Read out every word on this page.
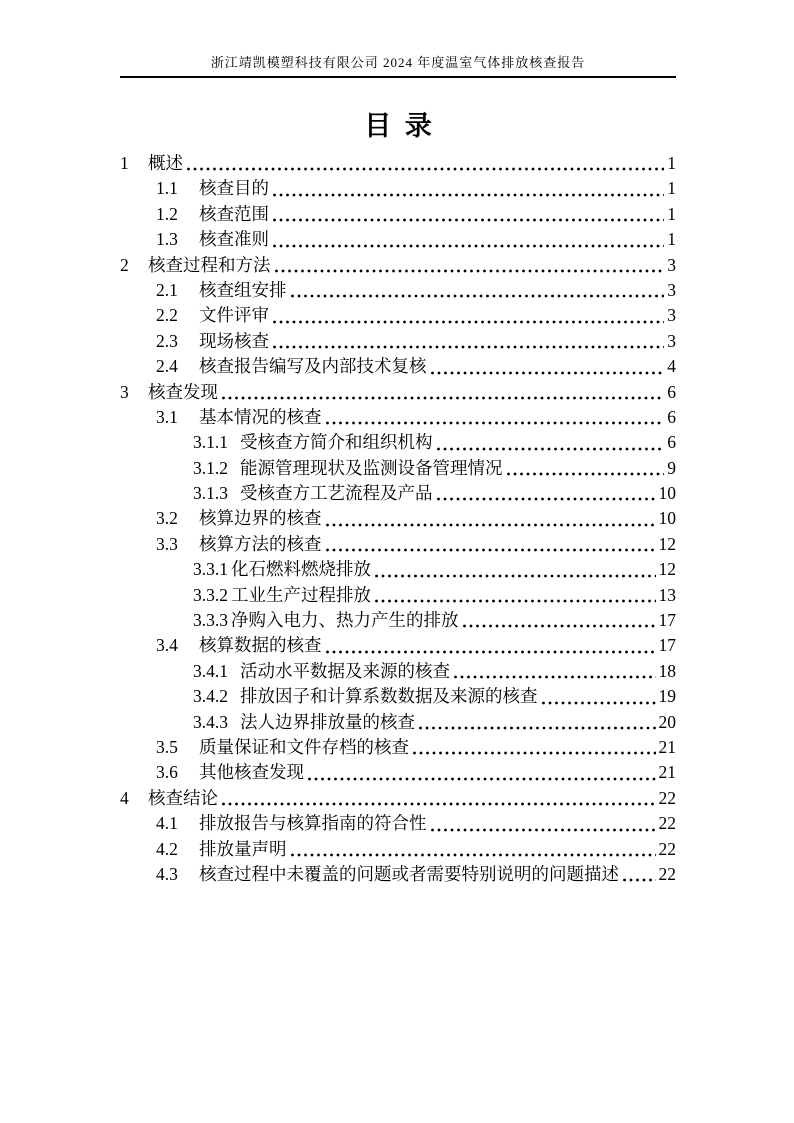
浙江靖凯模塑科技有限公司 2024 年度温室气体排放核查报告
目  录
1	概述	1
1.1	核查目的	1
1.2	核查范围	1
1.3	核查准则	1
2	核查过程和方法	3
2.1	核查组安排	3
2.2	文件评审	3
2.3	现场核查	3
2.4	核查报告编写及内部技术复核	4
3	核查发现	6
3.1	基本情况的核查	6
3.1.1 受核查方简介和组织机构	6
3.1.2 能源管理现状及监测设备管理情况	9
3.1.3 受核查方工艺流程及产品	10
3.2	核算边界的核查	10
3.3	核算方法的核查	12
3.3.1 化石燃料燃烧排放	12
3.3.2 工业生产过程排放	13
3.3.3 净购入电力、热力产生的排放	17
3.4	核算数据的核查	17
3.4.1 活动水平数据及来源的核查	18
3.4.2 排放因子和计算系数数据及来源的核查	19
3.4.3 法人边界排放量的核查	20
3.5	质量保证和文件存档的核查	21
3.6	其他核查发现	21
4	核查结论	22
4.1	排放报告与核算指南的符合性	22
4.2	排放量声明	22
4.3	核查过程中未覆盖的问题或者需要特别说明的问题描述 22
